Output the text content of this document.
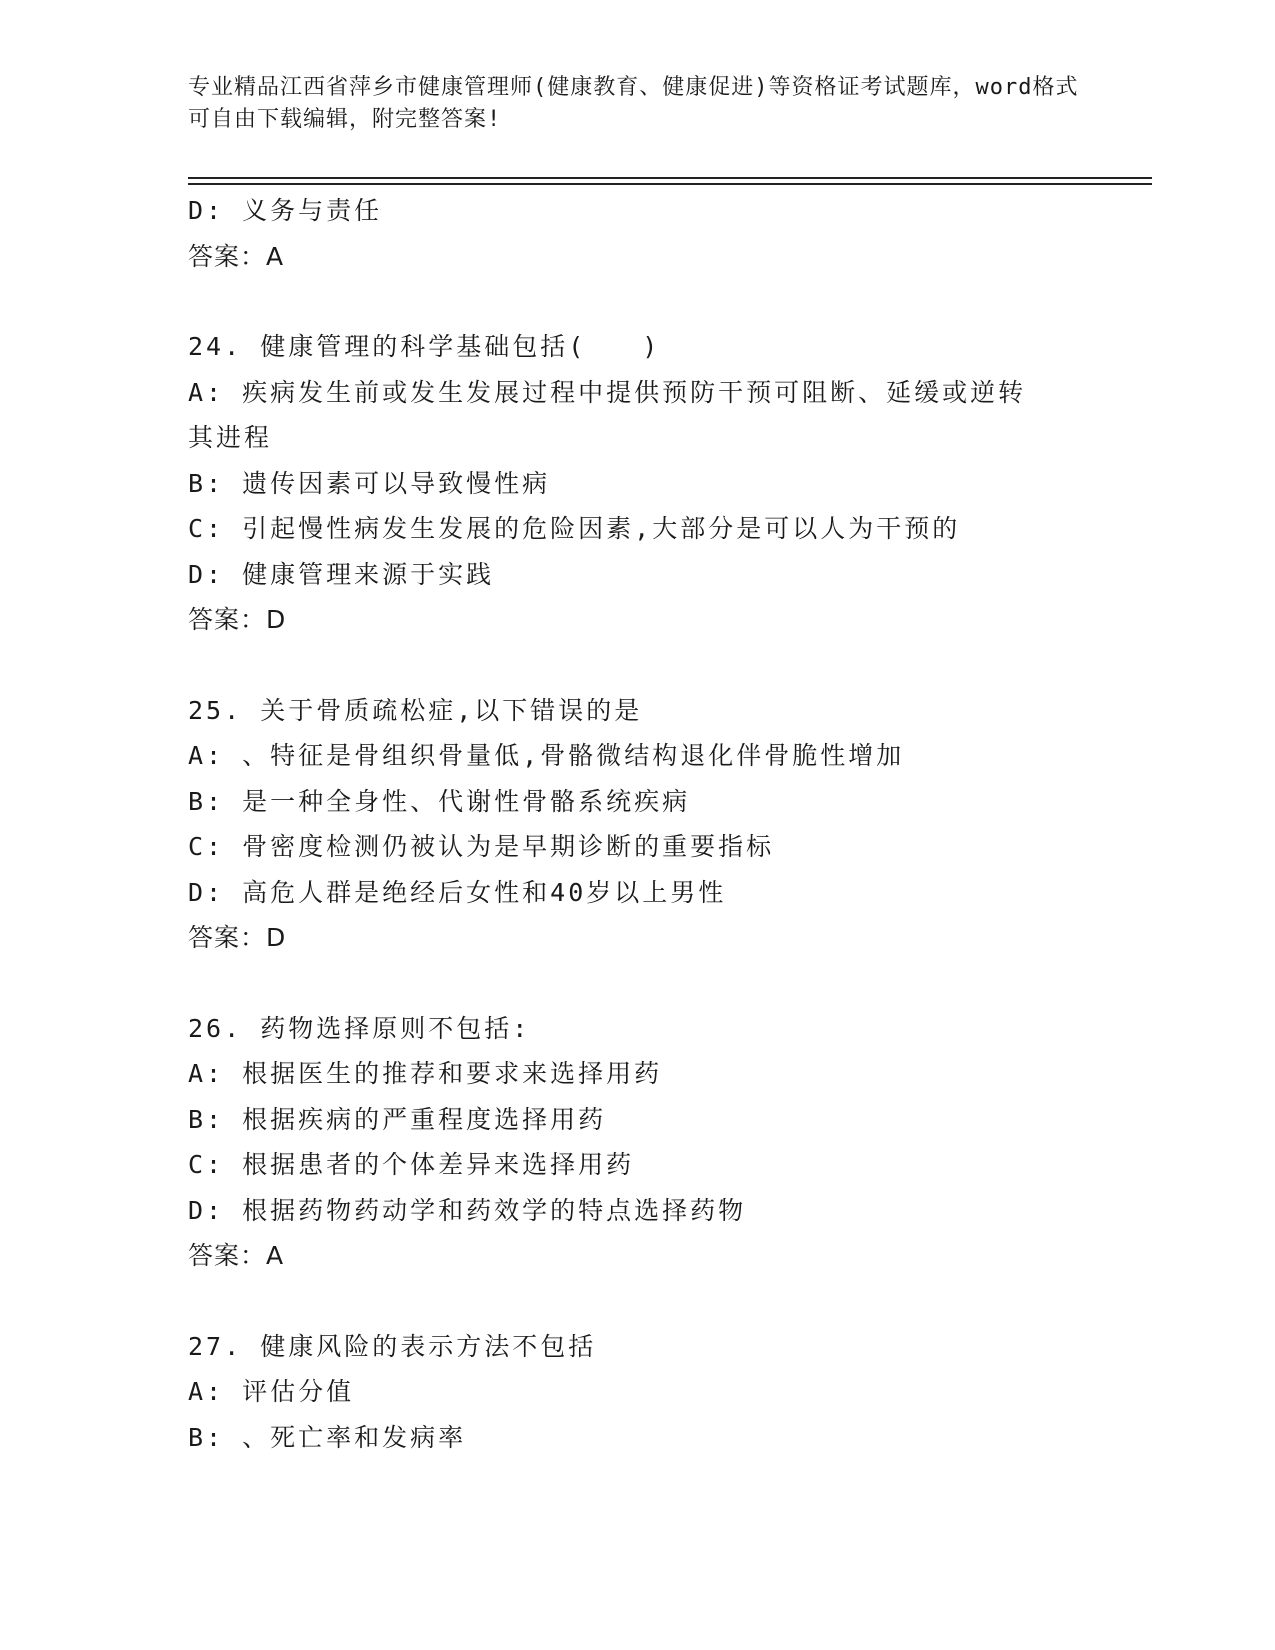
专业精品江西省萍乡市健康管理师(健康教育、健康促进)等资格证考试题库，word格式可自由下载编辑，附完整答案!
D: 义务与责任
答案：A
24. 健康管理的科学基础包括(　　)
A: 疾病发生前或发生发展过程中提供预防干预可阻断、延缓或逆转其进程
B: 遗传因素可以导致慢性病
C: 引起慢性病发生发展的危险因素,大部分是可以人为干预的
D: 健康管理来源于实践
答案：D
25. 关于骨质疏松症,以下错误的是
A: 、特征是骨组织骨量低,骨骼微结构退化伴骨脆性增加
B: 是一种全身性、代谢性骨骼系统疾病
C: 骨密度检测仍被认为是早期诊断的重要指标
D: 高危人群是绝经后女性和40岁以上男性
答案：D
26. 药物选择原则不包括:
A: 根据医生的推荐和要求来选择用药
B: 根据疾病的严重程度选择用药
C: 根据患者的个体差异来选择用药
D: 根据药物药动学和药效学的特点选择药物
答案：A
27. 健康风险的表示方法不包括
A: 评估分值
B: 、死亡率和发病率
